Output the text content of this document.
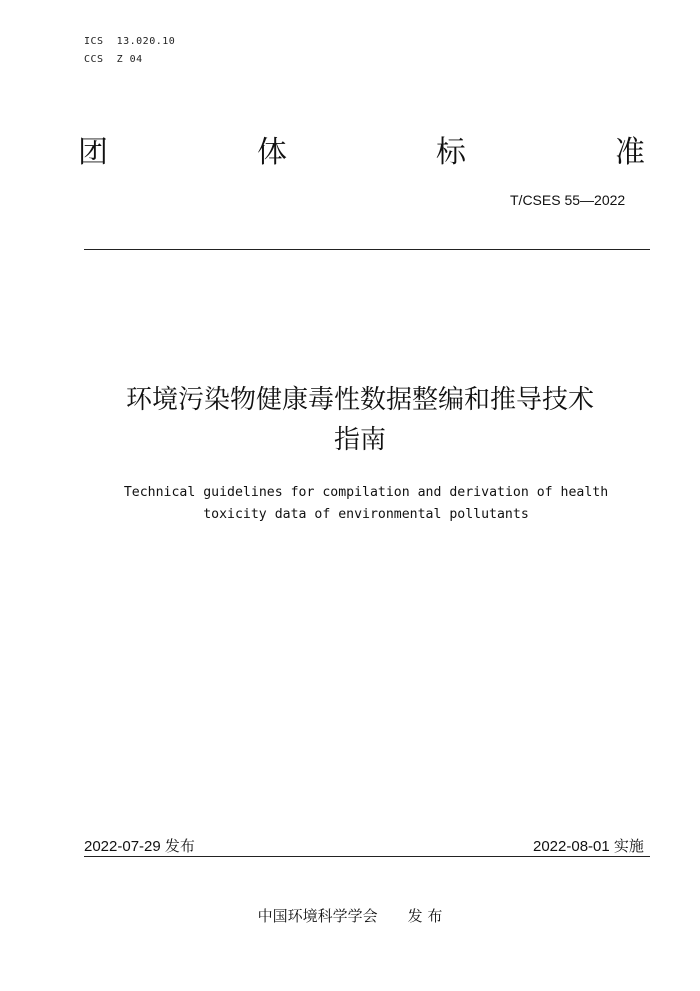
ICS  13.020.10
CCS  Z 04
团	体	标	准
T/CSES 55—2022
环境污染物健康毒性数据整编和推导技术
指南
Technical guidelines for compilation and derivation of health
toxicity data of environmental pollutants
2022-07-29 发布	2022-08-01 实施
中国环境科学学会　　发 布
